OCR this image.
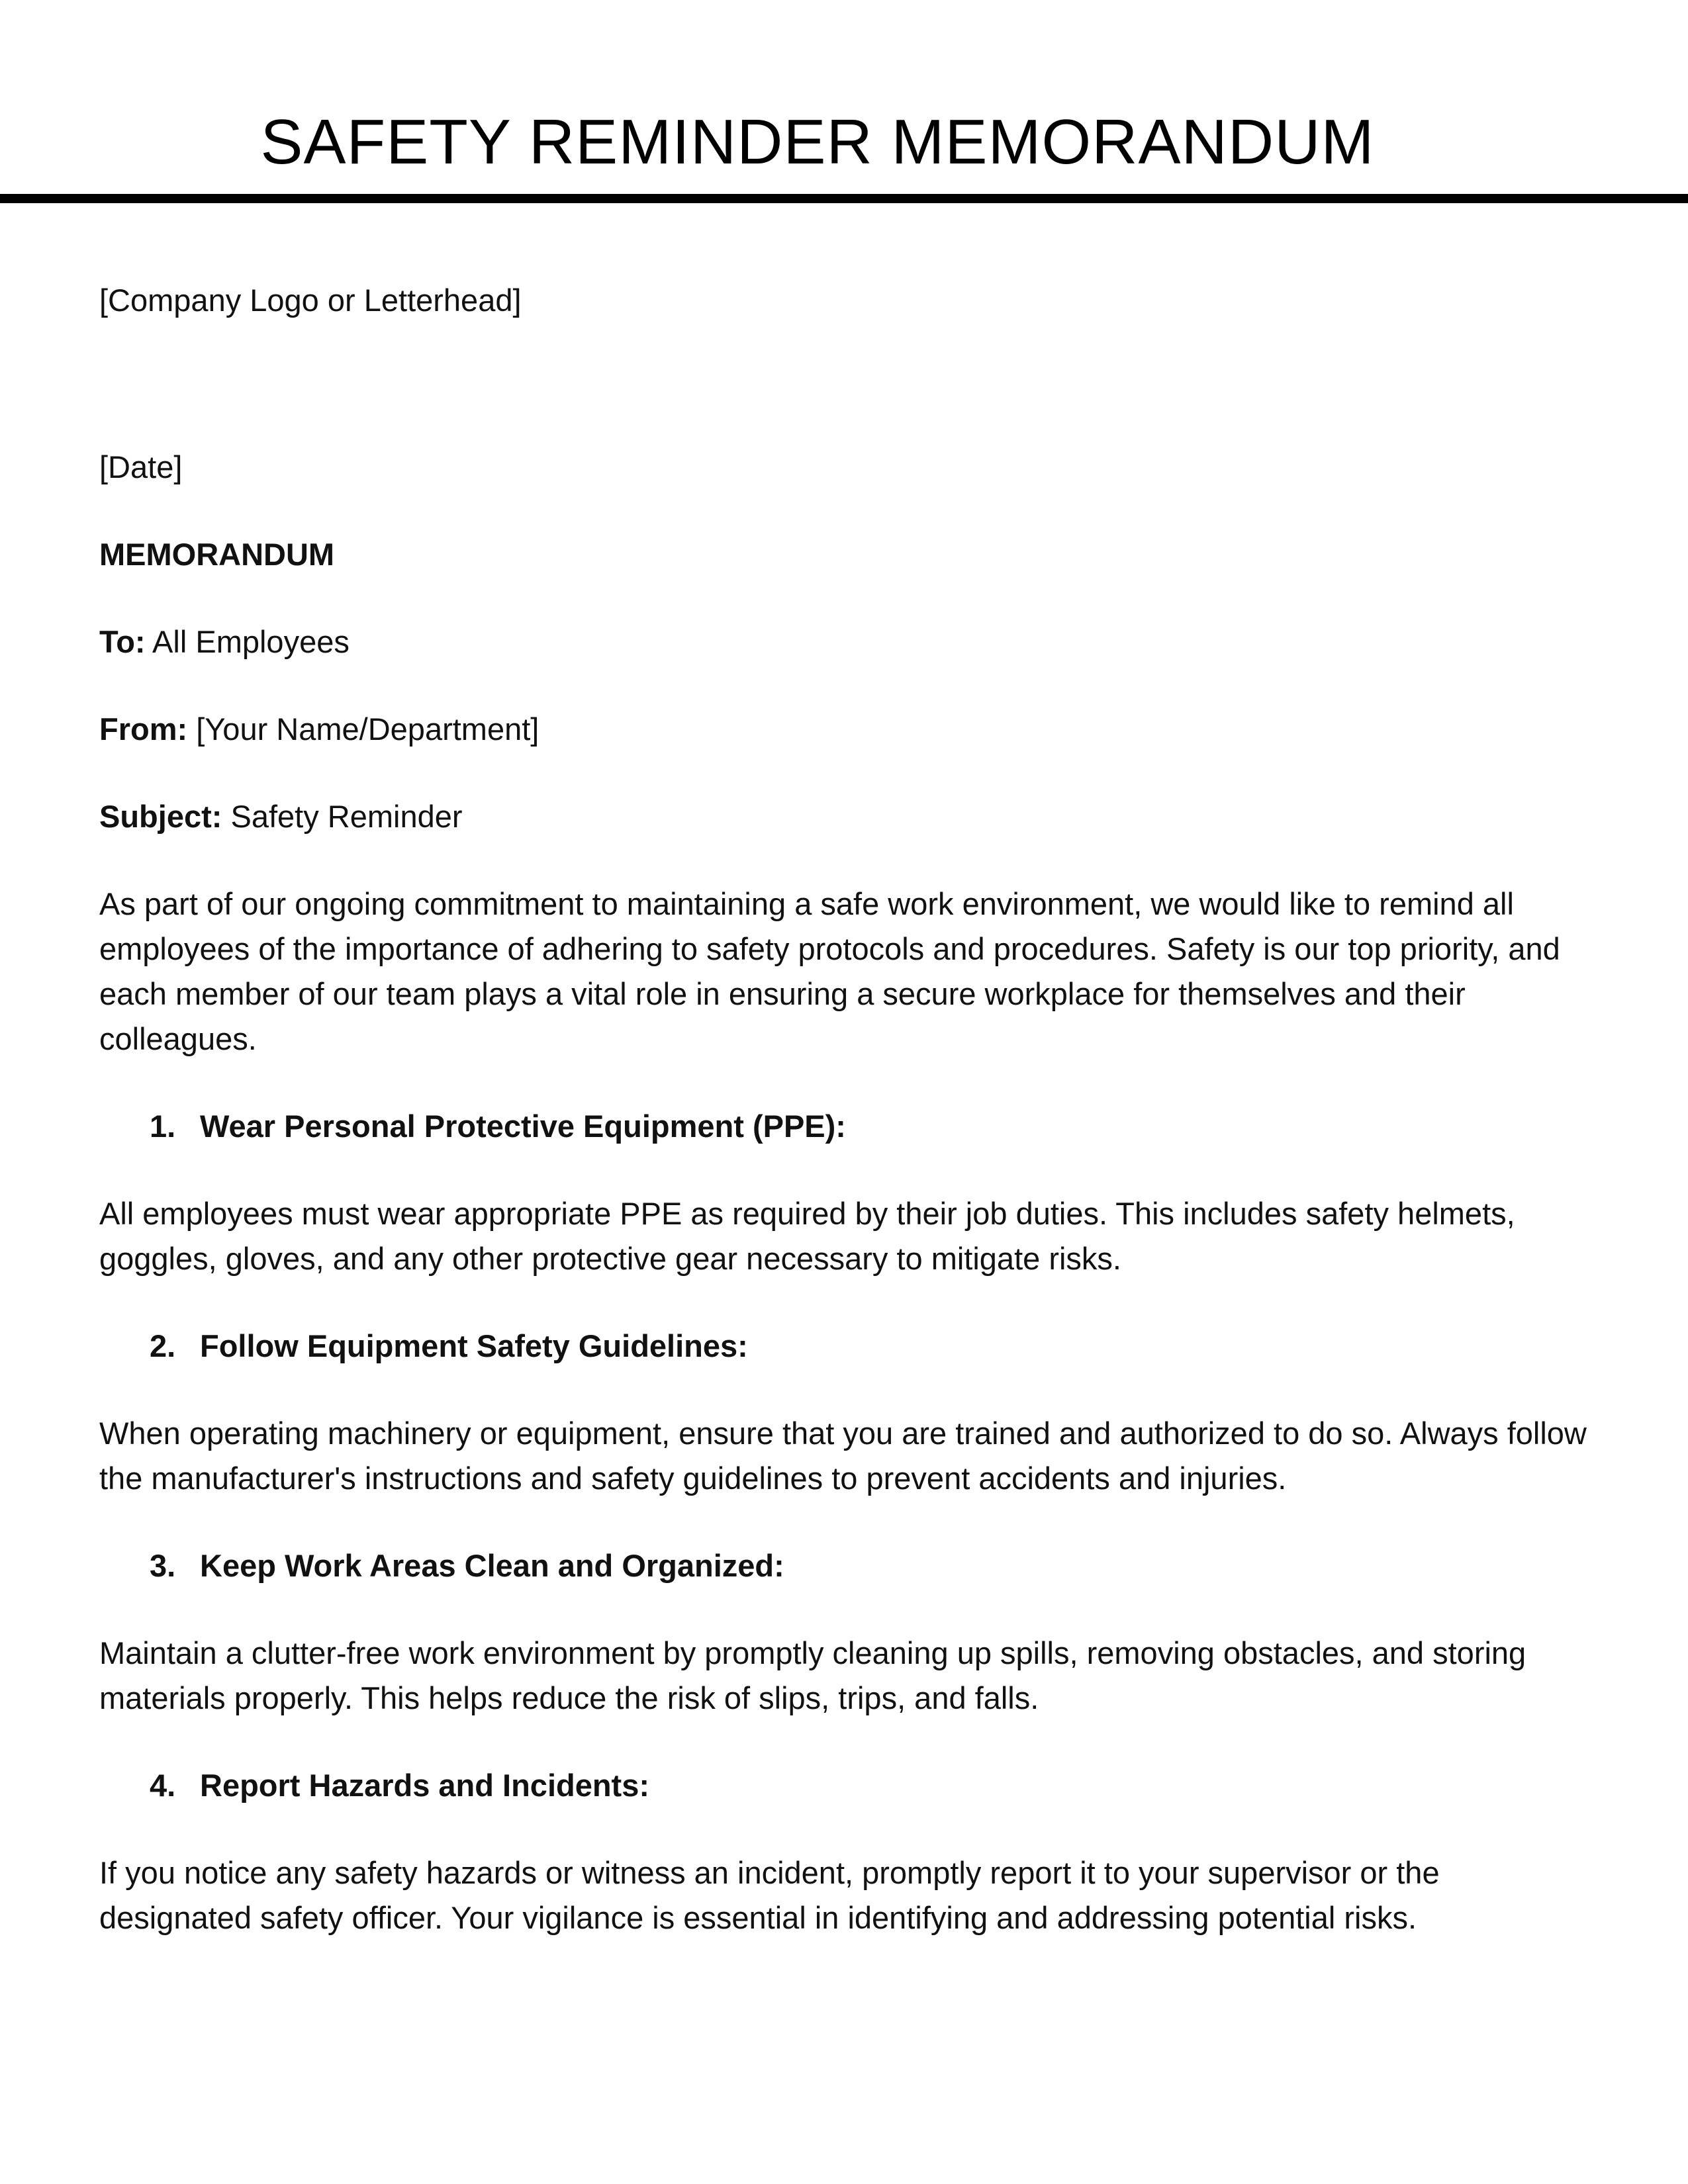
SAFETY REMINDER MEMORANDUM

[Company Logo or Letterhead]

[Date]

MEMORANDUM

To: All Employees

From: [Your Name/Department]

Subject: Safety Reminder

As part of our ongoing commitment to maintaining a safe work environment, we would like to remind all employees of the importance of adhering to safety protocols and procedures. Safety is our top priority, and each member of our team plays a vital role in ensuring a secure workplace for themselves and their colleagues.

1. Wear Personal Protective Equipment (PPE):

All employees must wear appropriate PPE as required by their job duties. This includes safety helmets, goggles, gloves, and any other protective gear necessary to mitigate risks.

2. Follow Equipment Safety Guidelines:

When operating machinery or equipment, ensure that you are trained and authorized to do so. Always follow the manufacturer's instructions and safety guidelines to prevent accidents and injuries.

3. Keep Work Areas Clean and Organized:

Maintain a clutter-free work environment by promptly cleaning up spills, removing obstacles, and storing materials properly. This helps reduce the risk of slips, trips, and falls.

4. Report Hazards and Incidents:

If you notice any safety hazards or witness an incident, promptly report it to your supervisor or the designated safety officer. Your vigilance is essential in identifying and addressing potential risks.
